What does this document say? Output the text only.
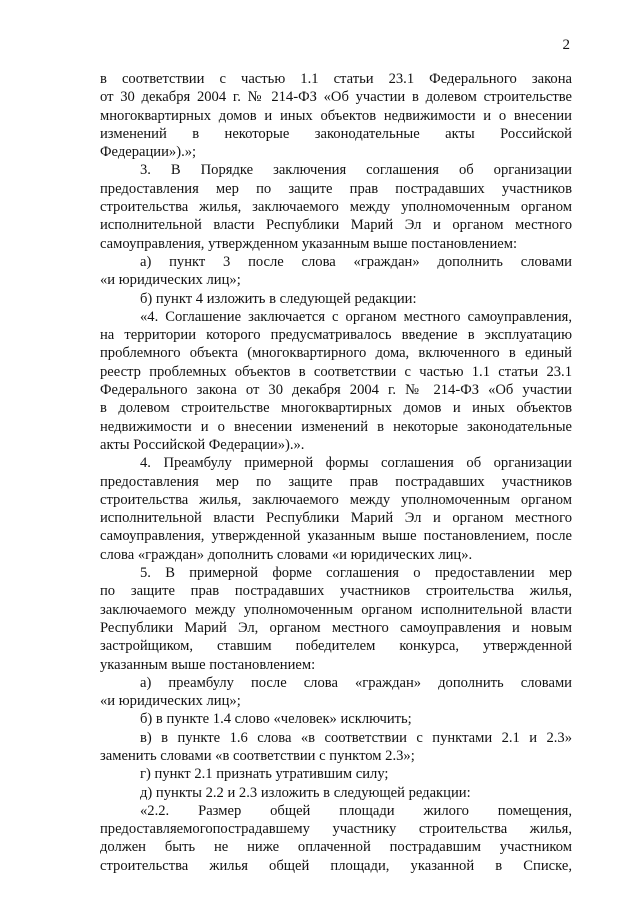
2
в соответствии с частью 1.1 статьи 23.1 Федерального закона
от 30 декабря 2004 г. № 214-ФЗ «Об участии в долевом строительстве
многоквартирных домов и иных объектов недвижимости и о внесении
изменений в некоторые законодательные акты Российской
Федерации»).»;
3. В Порядке заключения соглашения об организации
предоставления мер по защите прав пострадавших участников
строительства жилья, заключаемого между уполномоченным органом
исполнительной власти Республики Марий Эл и органом местного
самоуправления, утвержденном указанным выше постановлением:
а) пункт 3 после слова «граждан» дополнить словами
«и юридических лиц»;
б) пункт 4 изложить в следующей редакции:
«4. Соглашение заключается с органом местного самоуправления,
на территории которого предусматривалось введение в эксплуатацию
проблемного объекта (многоквартирного дома, включенного в единый
реестр проблемных объектов в соответствии с частью 1.1 статьи 23.1
Федерального закона от 30 декабря 2004 г. № 214-ФЗ «Об участии
в долевом строительстве многоквартирных домов и иных объектов
недвижимости и о внесении изменений в некоторые законодательные
акты Российской Федерации»).».
4. Преамбулу примерной формы соглашения об организации
предоставления мер по защите прав пострадавших участников
строительства жилья, заключаемого между уполномоченным органом
исполнительной власти Республики Марий Эл и органом местного
самоуправления, утвержденной указанным выше постановлением, после
слова «граждан» дополнить словами «и юридических лиц».
5. В примерной форме соглашения о предоставлении мер
по защите прав пострадавших участников строительства жилья,
заключаемого между уполномоченным органом исполнительной власти
Республики Марий Эл, органом местного самоуправления и новым
застройщиком, ставшим победителем конкурса, утвержденной
указанным выше постановлением:
а) преамбулу после слова «граждан» дополнить словами
«и юридических лиц»;
б) в пункте 1.4 слово «человек» исключить;
в) в пункте 1.6 слова «в соответствии с пунктами 2.1 и 2.3»
заменить словами «в соответствии с пунктом 2.3»;
г) пункт 2.1 признать утратившим силу;
д) пункты 2.2 и 2.3 изложить в следующей редакции:
«2.2. Размер общей площади жилого помещения,
предоставляемогопострадавшему участнику строительства жилья,
должен быть не ниже оплаченной пострадавшим участником
строительства жилья общей площади, указанной в Списке,
